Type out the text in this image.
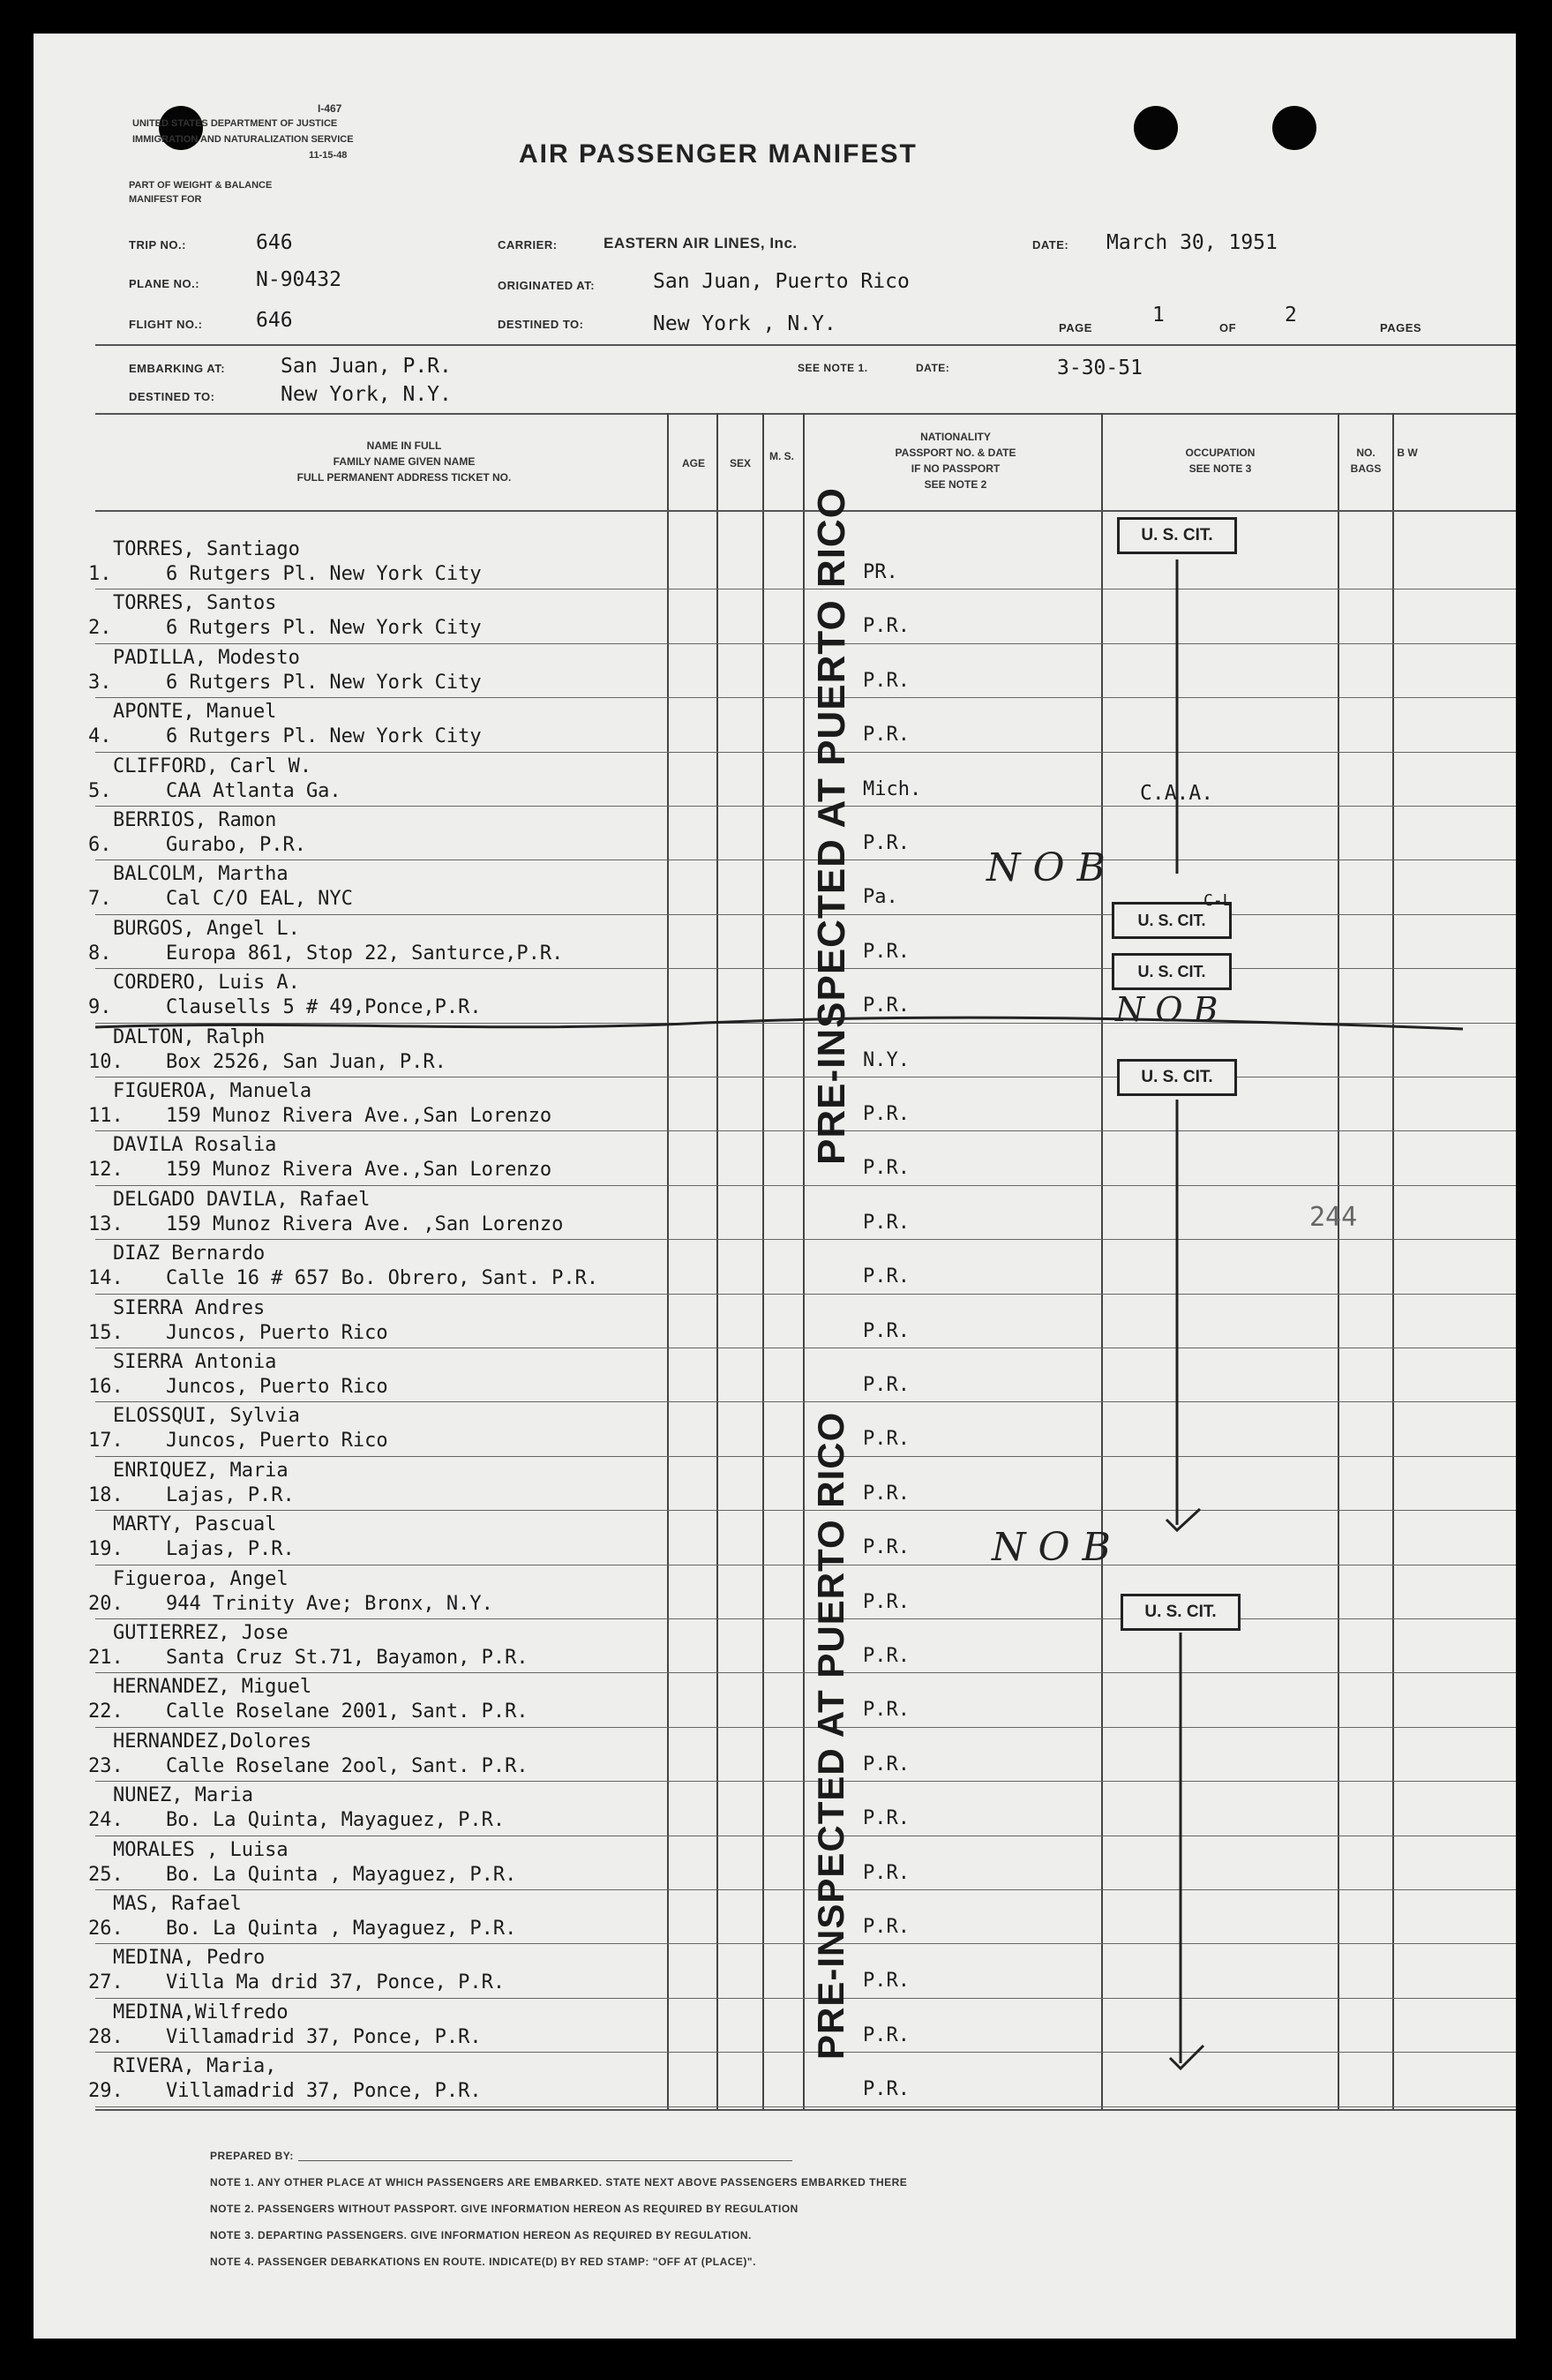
I-467
UNITED STATES DEPARTMENT OF JUSTICE
IMMIGRATION AND NATURALIZATION SERVICE
11-15-48
PART OF WEIGHT & BALANCE
MANIFEST FOR
AIR PASSENGER MANIFEST
TRIP NO.:	646
PLANE NO.:	N-90432
FLIGHT NO.:	646
CARRIER:	EASTERN AIR LINES, Inc.
ORIGINATED AT:	San Juan, Puerto Rico
DESTINED TO:	New York , N.Y.
DATE: March 30, 1951
PAGE
1
OF
2
PAGES
EMBARKING AT:	San Juan, P.R.
DESTINED TO:	New York, N.Y.
SEE NOTE 1.	DATE:	3-30-51
NAME IN FULL
FAMILY NAME GIVEN NAME
FULL PERMANENT ADDRESS TICKET NO.
AGE	SEX
M. S.
NATIONALITY
PASSPORT NO. & DATE
IF NO PASSPORT
SEE NOTE 2
OCCUPATION
SEE NOTE 3
NO.
BAGS
B W
TORRES, Santiago
1.	6 Rutgers Pl. New York City	PR.
TORRES, Santos
2.	6 Rutgers Pl. New York City	P.R.
PADILLA, Modesto
3.	6 Rutgers Pl. New York City	P.R.
APONTE, Manuel
4.	6 Rutgers Pl. New York City	P.R.
CLIFFORD, Carl W.
5.	CAA Atlanta Ga.	Mich.
BERRIOS, Ramon
6.	Gurabo, P.R.	P.R.
BALCOLM, Martha
7.	Cal C/O EAL, NYC	Pa.
BURGOS, Angel L.
8.	Europa 861, Stop 22, Santurce,P.R.	P.R.
CORDERO, Luis A.
9.	Clausells 5 # 49,Ponce,P.R.	P.R.
DALTON, Ralph
10. Box 2526, San Juan, P.R.	N.Y.
FIGUEROA, Manuela
11. 159 Munoz Rivera Ave.,San Lorenzo	P.R.
DAVILA Rosalia
12. 159 Munoz Rivera Ave.,San Lorenzo	P.R.
DELGADO DAVILA, Rafael
13. 159 Munoz Rivera Ave. ,San Lorenzo	P.R.
DIAZ Bernardo
14. Calle 16 # 657 Bo. Obrero, Sant. P.R.	P.R.
SIERRA Andres
15. Juncos, Puerto Rico	P.R.
SIERRA Antonia
16. Juncos, Puerto Rico	P.R.
ELOSSQUI, Sylvia
17. Juncos, Puerto Rico	P.R.
ENRIQUEZ, Maria
18. Lajas, P.R.	P.R.
MARTY, Pascual
19. Lajas, P.R.	P.R.
Figueroa, Angel
20. 944 Trinity Ave; Bronx, N.Y.	P.R.
GUTIERREZ, Jose
21. Santa Cruz St.71, Bayamon, P.R.	P.R.
HERNANDEZ, Miguel
22. Calle Roselane 2001, Sant. P.R.	P.R.
HERNANDEZ,Dolores
23. Calle Roselane 2ool, Sant. P.R.	P.R.
NUNEZ, Maria
24. Bo. La Quinta, Mayaguez, P.R.	P.R.
MORALES , Luisa
25. Bo. La Quinta , Mayaguez, P.R.	P.R.
MAS, Rafael
26. Bo. La Quinta , Mayaguez, P.R.	P.R.
MEDINA, Pedro
27. Villa Ma drid 37, Ponce, P.R.	P.R.
MEDINA,Wilfredo
28. Villamadrid 37, Ponce, P.R.	P.R.
RIVERA, Maria,
29. Villamadrid 37, Ponce, P.R.	P.R.
PRE-INSPECTED AT PUERTO RICO
PRE-INSPECTED AT PUERTO RICO
U. S. CIT.
U. S. CIT.
U. S. CIT.
U. S. CIT.
U. S. CIT.
N O B
N O B
N O B
C.A.A.
C-L
244
PREPARED BY:
NOTE 1. ANY OTHER PLACE AT WHICH PASSENGERS ARE EMBARKED. STATE NEXT ABOVE PASSENGERS EMBARKED THERE
NOTE 2. PASSENGERS WITHOUT PASSPORT. GIVE INFORMATION HEREON AS REQUIRED BY REGULATION
NOTE 3. DEPARTING PASSENGERS. GIVE INFORMATION HEREON AS REQUIRED BY REGULATION.
NOTE 4. PASSENGER DEBARKATIONS EN ROUTE. INDICATE(D) BY RED STAMP: "OFF AT (PLACE)".
